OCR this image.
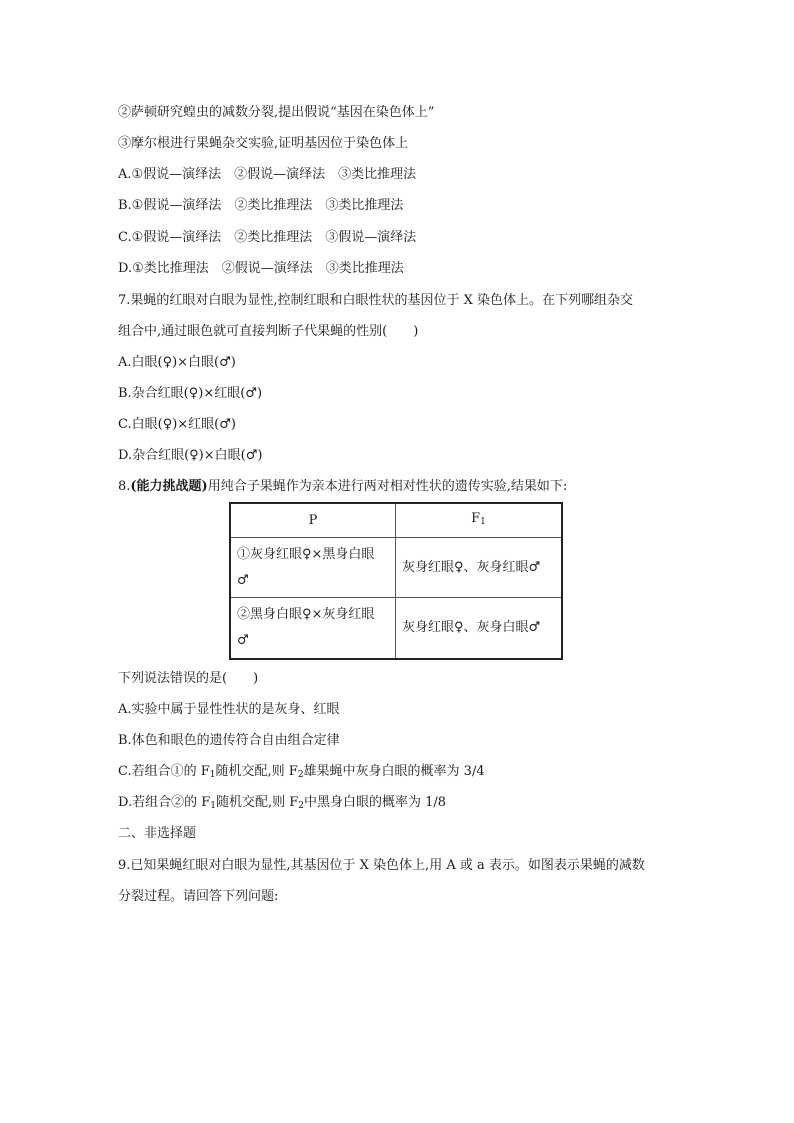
②萨顿研究蝗虫的减数分裂,提出假说“基因在染色体上”
③摩尔根进行果蝇杂交实验,证明基因位于染色体上
A.①假说—演绎法　②假说—演绎法　③类比推理法
B.①假说—演绎法　②类比推理法　③类比推理法
C.①假说—演绎法　②类比推理法　③假说—演绎法
D.①类比推理法　②假说—演绎法　③类比推理法
7.果蝇的红眼对白眼为显性,控制红眼和白眼性状的基因位于 X 染色体上。在下列哪组杂交
组合中,通过眼色就可直接判断子代果蝇的性别(　　)
A.白眼(♀)×白眼(♂)
B.杂合红眼(♀)×红眼(♂)
C.白眼(♀)×红眼(♂)
D.杂合红眼(♀)×白眼(♂)
8.(能力挑战题)用纯合子果蝇作为亲本进行两对相对性状的遗传实验,结果如下:
P	$F_1$

①灰身红眼♀×黑身白眼
♂	灰身红眼♀、灰身红眼♂

②黑身白眼♀×灰身红眼
♂	灰身红眼♀、灰身白眼♂
下列说法错误的是(　　)
A.实验中属于显性性状的是灰身、红眼
B.体色和眼色的遗传符合自由组合定律
C.若组合①的 $F_1$随机交配,则 $F_2$雄果蝇中灰身白眼的概率为 3/4
D.若组合②的 $F_1$随机交配,则 $F_2$中黑身白眼的概率为 1/8
二、非选择题
9.已知果蝇红眼对白眼为显性,其基因位于 X 染色体上,用 A 或 a 表示。如图表示果蝇的减数
分裂过程。请回答下列问题:
